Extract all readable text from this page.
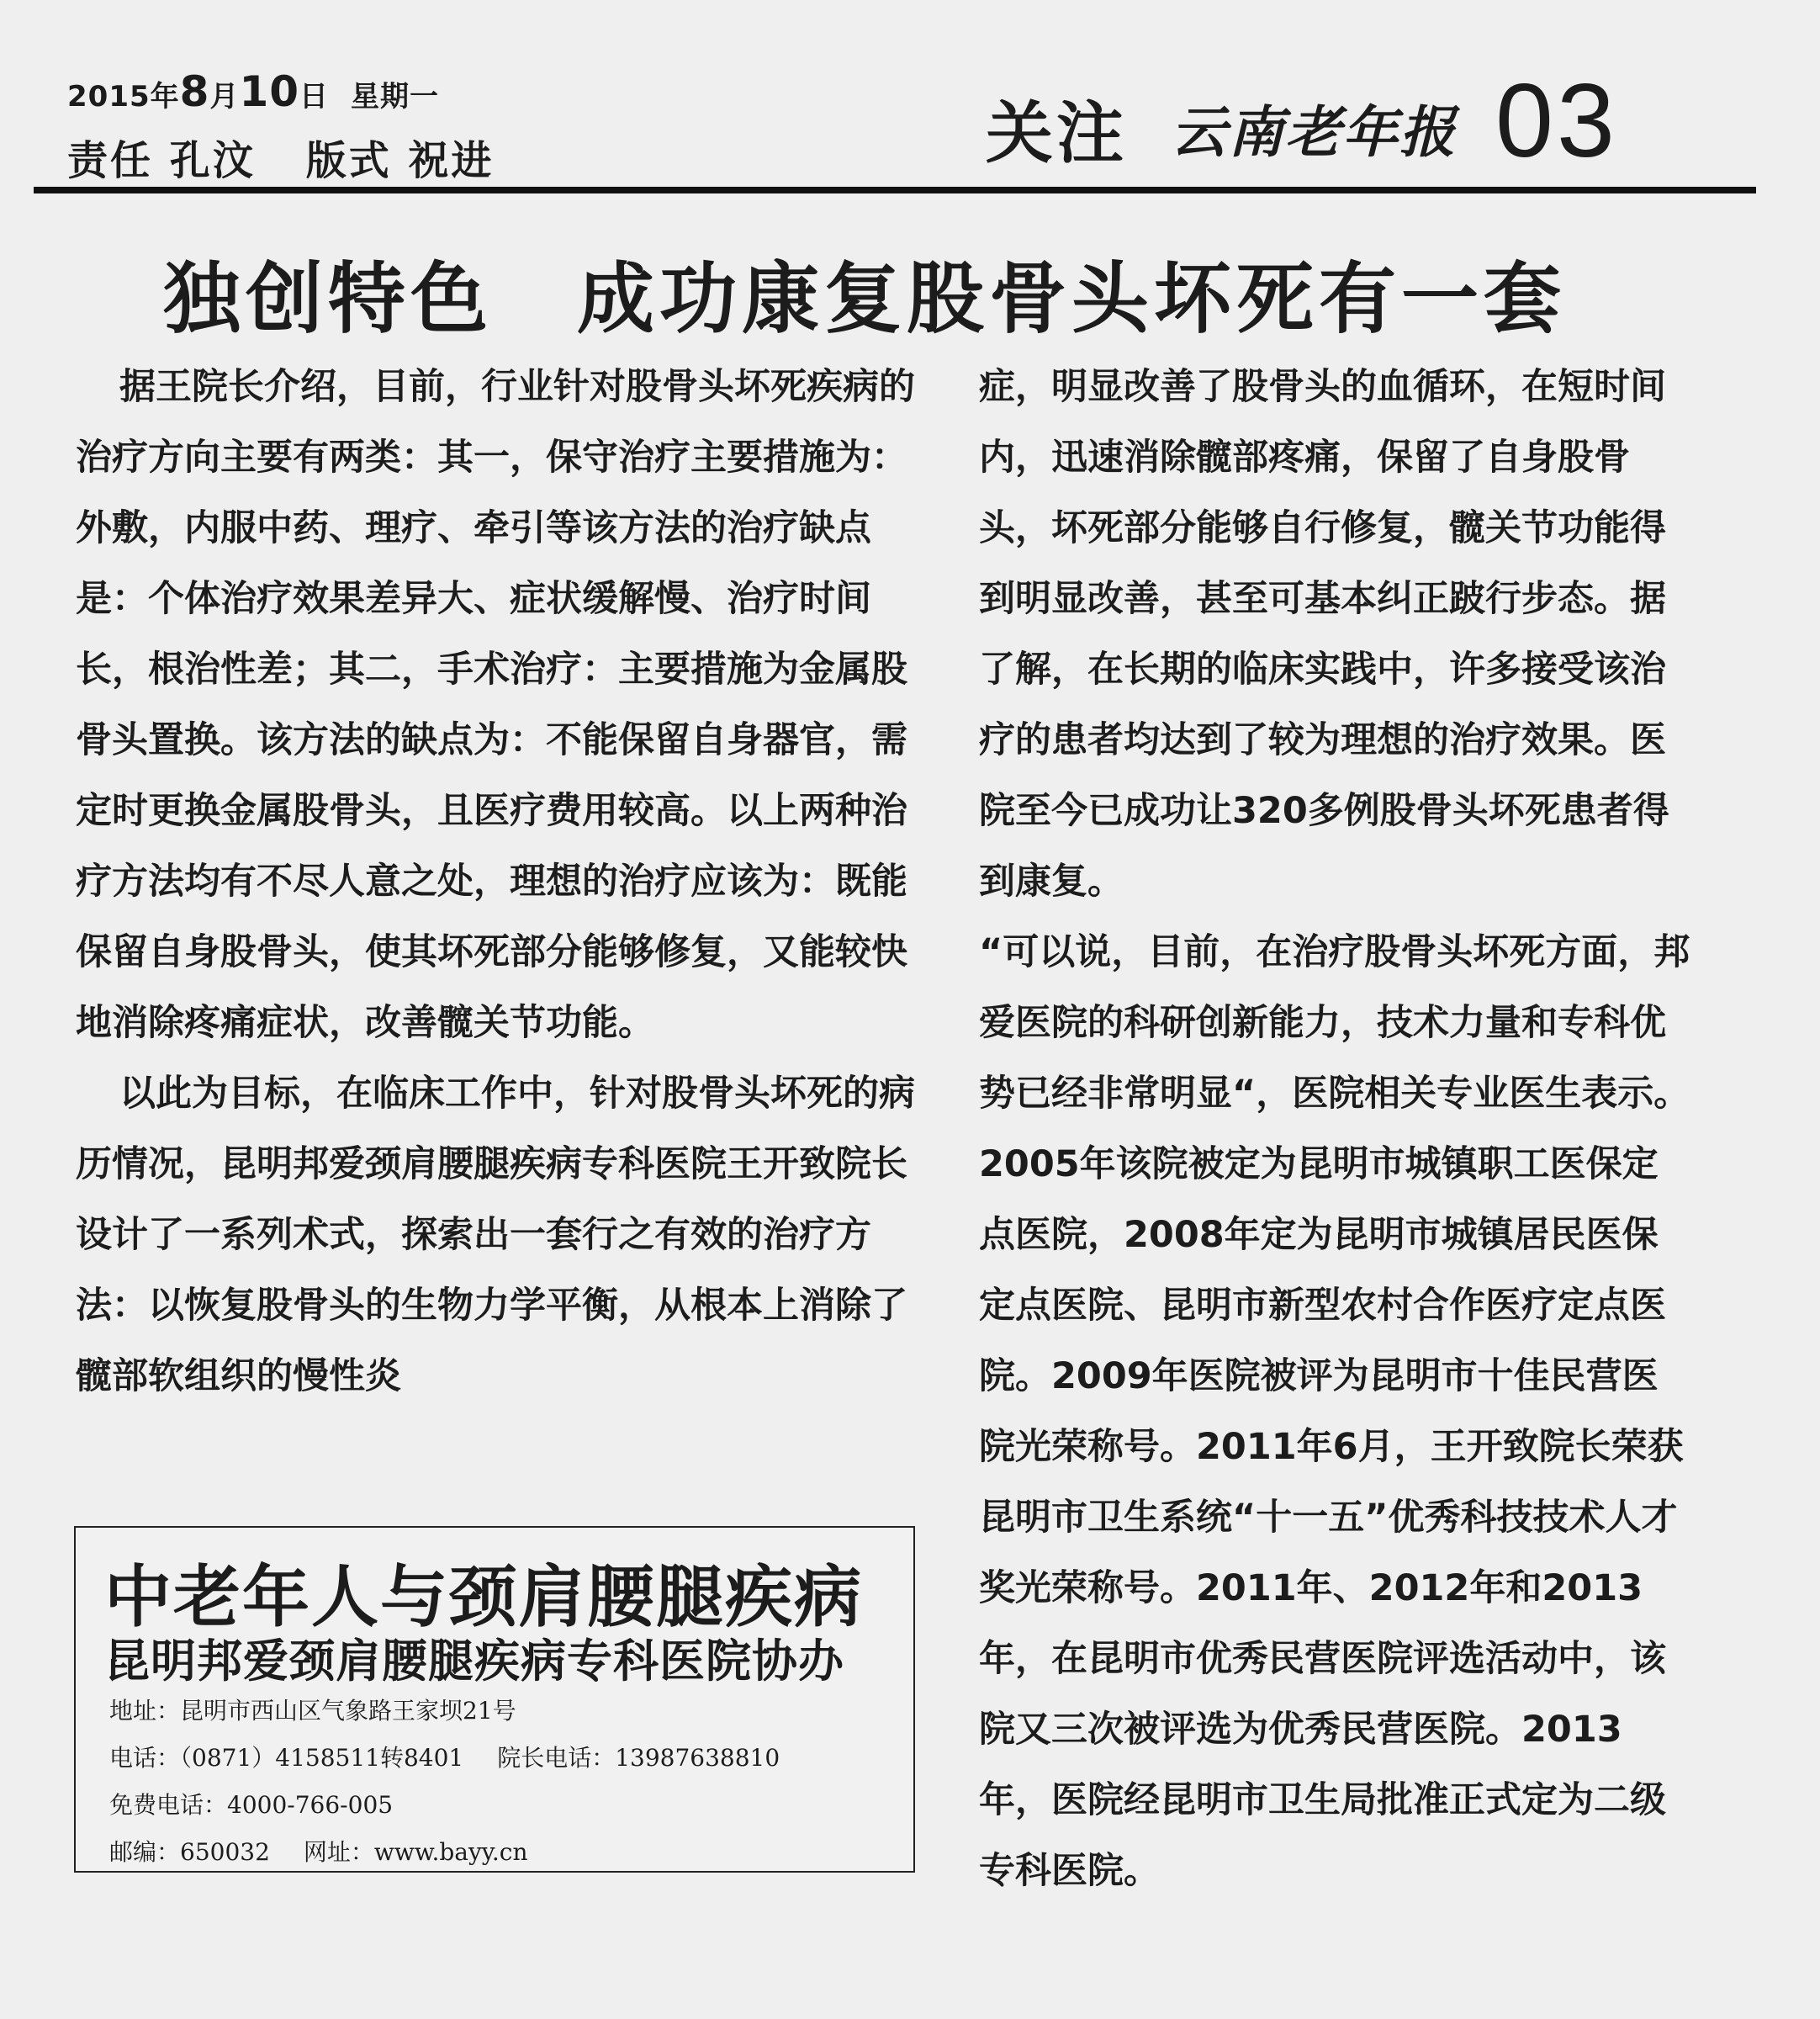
2015年8月10日 星期一
责任 孔汶 版式 祝进	关注 云南老年报 03
独创特色 成功康复股骨头坏死有一套

据王院长介绍，目前，行业针对股骨头坏死疾病的治疗方向主要有两类：其一，保守治疗主要措施为：外敷，内服中药、理疗、牵引等该方法的治疗缺点是：个体治疗效果差异大、症状缓解慢、治疗时间长，根治性差；其二，手术治疗：主要措施为金属股骨头置换。该方法的缺点为：不能保留自身器官，需定时更换金属股骨头，且医疗费用较高。以上两种治疗方法均有不尽人意之处，理想的治疗应该为：既能保留自身股骨头，使其坏死部分能够修复，又能较快地消除疼痛症状，改善髋关节功能。

以此为目标，在临床工作中，针对股骨头坏死的病历情况，昆明邦爱颈肩腰腿疾病专科医院王开致院长设计了一系列术式，探索出一套行之有效的治疗方法：以恢复股骨头的生物力学平衡，从根本上消除了髋部软组织的慢性炎

症，明显改善了股骨头的血循环，在短时间内，迅速消除髋部疼痛，保留了自身股骨头，坏死部分能够自行修复，髋关节功能得到明显改善，甚至可基本纠正跛行步态。据了解，在长期的临床实践中，许多接受该治疗的患者均达到了较为理想的治疗效果。医院至今已成功让320多例股骨头坏死患者得到康复。

“可以说，目前，在治疗股骨头坏死方面，邦爱医院的科研创新能力，技术力量和专科优势已经非常明显“，医院相关专业医生表示。

2005年该院被定为昆明市城镇职工医保定点医院，2008年定为昆明市城镇居民医保定点医院、昆明市新型农村合作医疗定点医院。2009年医院被评为昆明市十佳民营医院光荣称号。2011年6月，王开致院长荣获昆明市卫生系统“十一五”优秀科技技术人才奖光荣称号。2011年、2012年和2013年，在昆明市优秀民营医院评选活动中，该院又三次被评选为优秀民营医院。2013年，医院经昆明市卫生局批准正式定为二级专科医院。

中老年人与颈肩腰腿疾病
昆明邦爱颈肩腰腿疾病专科医院协办
地址：昆明市西山区气象路王家坝21号
电话：（0871）4158511转8401 院长电话：13987638810
免费电话：4000-766-005
邮编：650032 网址：www.bayy.cn
